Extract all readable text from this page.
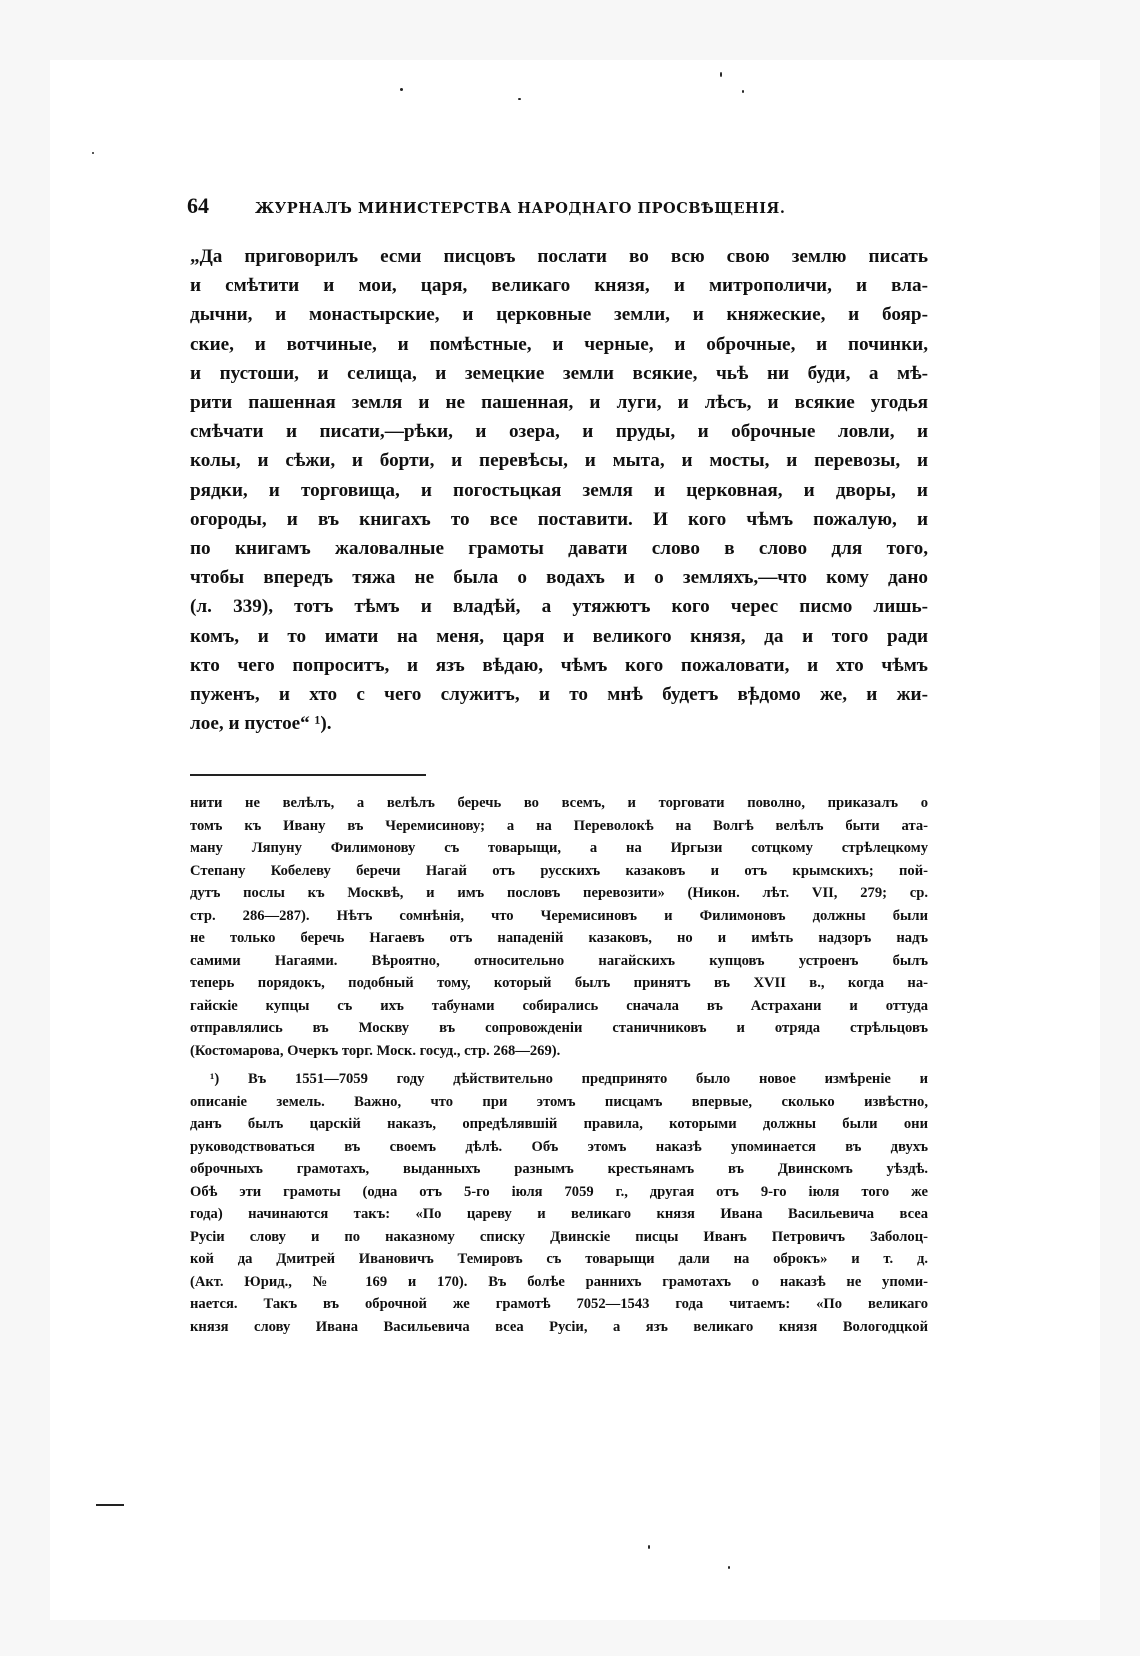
64	ЖУРНАЛЪ МИНИСТЕРСТВА НАРОДНАГО ПРОСВѢЩЕНІЯ.
„Да приговорилъ есми писцовъ послати во всю свою землю писать
и смѣтити и мои, царя, великаго князя, и митрополичи, и вла-
дычни, и монастырские, и церковные земли, и княжеские, и бояр-
ские, и вотчиные, и помѣстные, и черные, и оброчные, и починки,
и пустоши, и селища, и земецкие земли всякие, чьѣ ни буди, а мѣ-
рити пашенная земля и не пашенная, и луги, и лѣсъ, и всякие угодья
смѣчати и писати,—рѣки, и озера, и пруды, и оброчные ловли, и
колы, и сѣжи, и борти, и перевѣсы, и мыта, и мосты, и перевозы, и
рядки, и торговища, и погостьцкая земля и церковная, и дворы, и
огороды, и въ книгахъ то все поставити. И кого чѣмъ пожалую, и
по книгамъ жаловалные грамоты давати слово в слово для того,
чтобы впередъ тяжа не была о водахъ и о земляхъ,—что кому дано
(л. 339), тотъ тѣмъ и владѣй, а утяжютъ кого черес писмо лишь-
комъ, и то имати на меня, царя и великого князя, да и того ради
кто чего попроситъ, и язъ вѣдаю, чѣмъ кого пожаловати, и хто чѣмъ
пуженъ, и хто с чего служитъ, и то мнѣ будетъ вѣдомо же, и жи-
лое, и пустое“ ¹).
нити не велѣлъ, а велѣлъ беречь во всемъ, и торговати поволно, приказалъ о
томъ къ Ивану въ Черемисинову; а на Переволокѣ на Волгѣ велѣлъ быти ата-
ману Ляпуну Филимонову съ товарыщи, а на Иргызи сотцкому стрѣлецкому
Степану Кобелеву беречи Нагай отъ русскихъ казаковъ и отъ крымскихъ; пой-
дутъ послы къ Москвѣ, и имъ пословъ перевозити» (Никон. лѣт. VII, 279; ср.
стр. 286—287). Нѣтъ сомнѣнія, что Черемисиновъ и Филимоновъ должны были
не только беречь Нагаевъ отъ нападеній казаковъ, но и имѣть надзоръ надъ
самими Нагаями. Вѣроятно, относительно нагайскихъ купцовъ устроенъ былъ
теперь порядокъ, подобный тому, который былъ принятъ въ XVII в., когда на-
гайскіе купцы съ ихъ табунами собирались сначала въ Астрахани и оттуда
отправлялись въ Москву въ сопровожденіи станичниковъ и отряда стрѣльцовъ
(Костомарова, Очеркъ торг. Моск. госуд., стр. 268—269).
¹) Въ 1551—7059 году дѣйствительно предпринято было новое измѣреніе и
описаніе земель. Важно, что при этомъ писцамъ впервые, сколько извѣстно,
данъ былъ царскій наказъ, опредѣлявшій правила, которыми должны были они
руководствоваться въ своемъ дѣлѣ. Объ этомъ наказѣ упоминается въ двухъ
оброчныхъ грамотахъ, выданныхъ разнымъ крестьянамъ въ Двинскомъ уѣздѣ.
Обѣ эти грамоты (одна отъ 5-го іюля 7059 г., другая отъ 9-го іюля того же
года) начинаются такъ: «По цареву и великаго князя Ивана Васильевича всеа
Русіи слову и по наказному списку Двинскіе писцы Иванъ Петровичъ Заболоц-
кой да Дмитрей Ивановичъ Темировъ съ товарыщи дали на оброкъ» и т. д.
(Акт. Юрид., № 169 и 170). Въ болѣе раннихъ грамотахъ о наказѣ не упоми-
нается. Такъ въ оброчной же грамотѣ 7052—1543 года читаемъ: «По великаго
князя слову Ивана Васильевича всеа Русіи, а язъ великаго князя Вологодцкой
